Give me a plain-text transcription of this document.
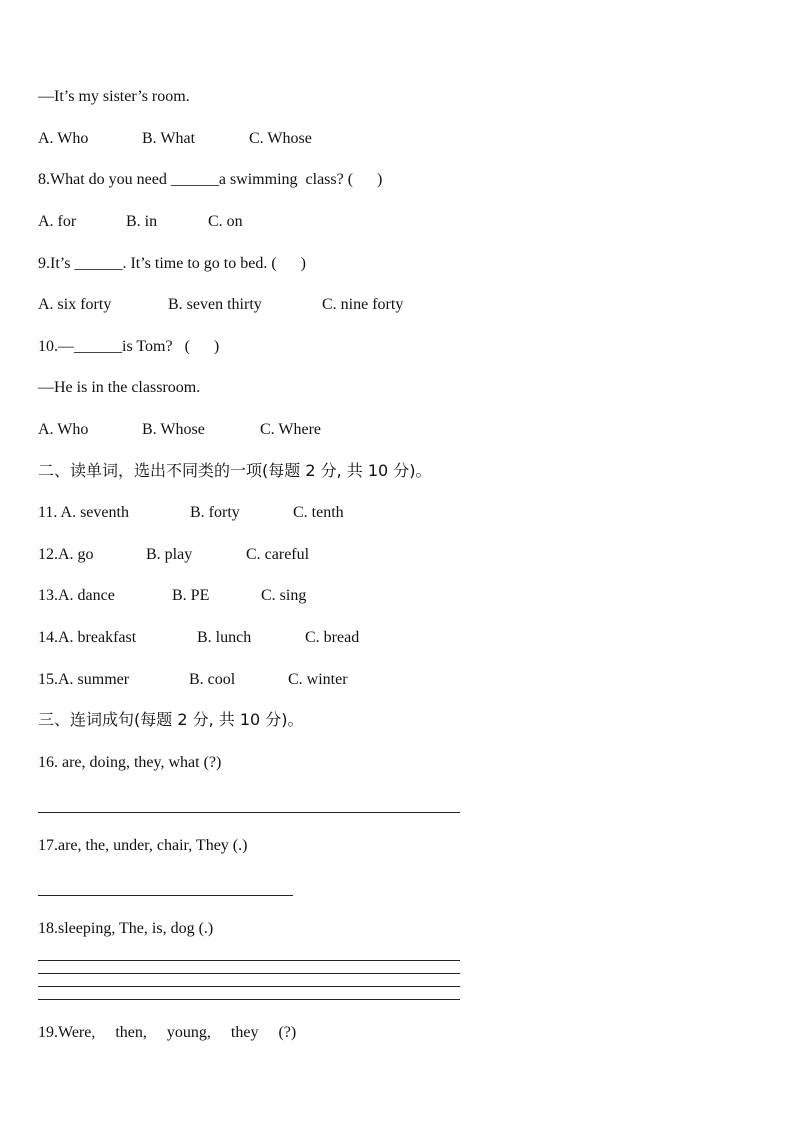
—It’s my sister’s room.

A. Who

	B. What

	C. Whose

8.What do you need ______a swimming  class? (      )

A. for

	B. in

	C. on

9.It’s ______. It’s time to go to bed. (      )

A. six forty

	B. seven thirty

	C. nine forty

10.—______is Tom?   (      )
—He is in the classroom.

A. Who

	B. Whose

	C. Where

二、读单词，选出不同类的一项(每题 2 分, 共 10 分)。

11. A. seventh

	B. forty

	C. tenth

12.A. go

	B. play

	C. careful

13.A. dance

	B. PE

	C. sing

14.A. breakfast

	B. lunch

	C. bread

15.A. summer

	B. cool

	C. winter

三、连词成句(每题 2 分, 共 10 分)。
16. are, doing, they, what (?)
17.are, the, under, chair, They (.)
18.sleeping, The, is, dog (.)
19.Were,     then,     young,     they     (?)
